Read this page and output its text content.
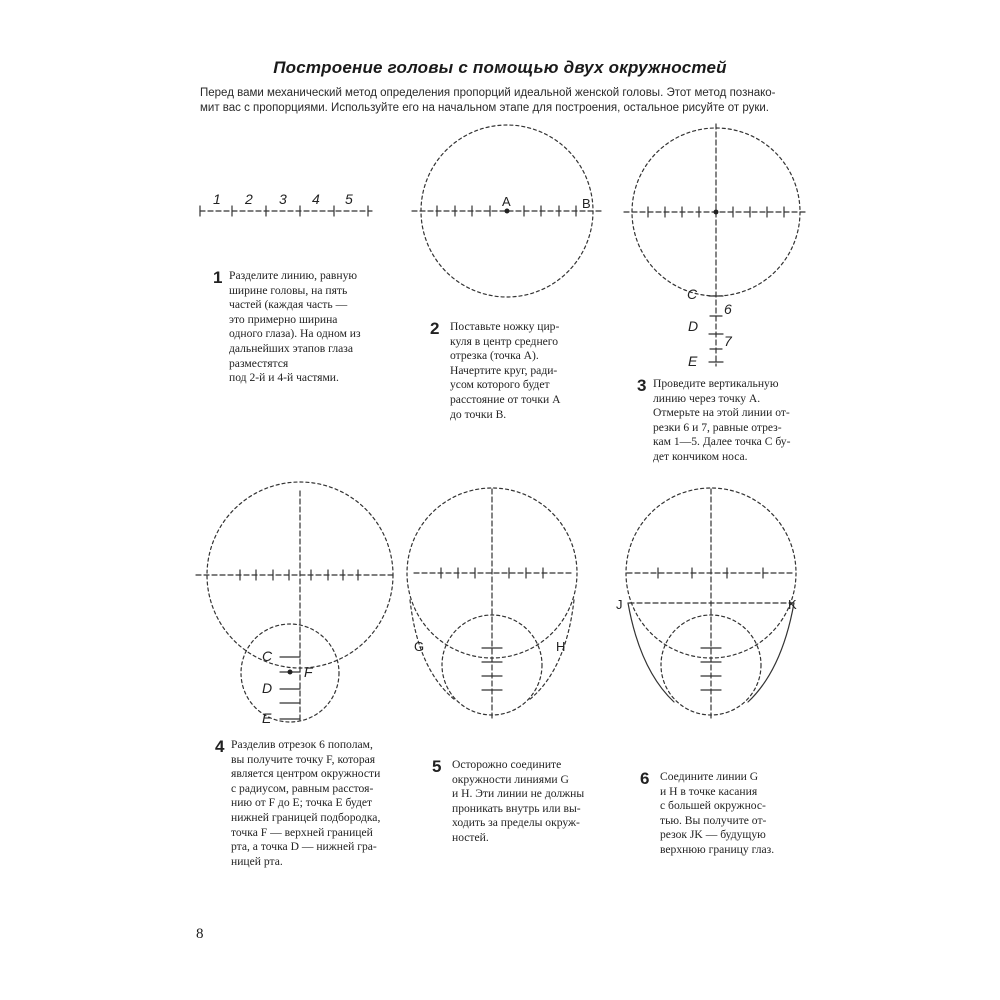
Построение головы с помощью двух окружностей
Перед вами механический метод определения пропорций идеальной женской головы. Этот метод познако-
мит вас с пропорциями. Используйте его на начальном этапе для построения, остальное рисуйте от руки.
1 2 3 4 5	A	B
C
6
D
7
E
C
F
D
E
G	H
J	K
1 Разделите линию, равную
ширине головы, на пять
частей (каждая часть —
это примерно ширина
одного глаза). На одном из
дальнейших этапов глаза
разместятся
под 2-й и 4-й частями.
2 Поставьте ножку цир-
куля в центр среднего
отрезка (точка А).
Начертите круг, ради-
усом которого будет
расстояние от точки А
до точки В.
3 Проведите вертикальную
линию через точку А.
Отмерьте на этой линии от-
резки 6 и 7, равные отрез-
кам 1—5. Далее точка С бу-
дет кончиком носа.
4 Разделив отрезок 6 пополам,
вы получите точку F, которая
является центром окружности
с радиусом, равным расстоя-
нию от F до E; точка E будет
нижней границей подбородка,
точка F — верхней границей
рта, а точка D — нижней гра-
ницей рта.
5 Осторожно соедините
окружности линиями G
и H. Эти линии не должны
проникать внутрь или вы-
ходить за пределы окруж-
ностей.
6 Соедините линии G
и H в точке касания
с большей окружнос-
тью. Вы получите от-
резок JK — будущую
верхнюю границу глаз.
8
